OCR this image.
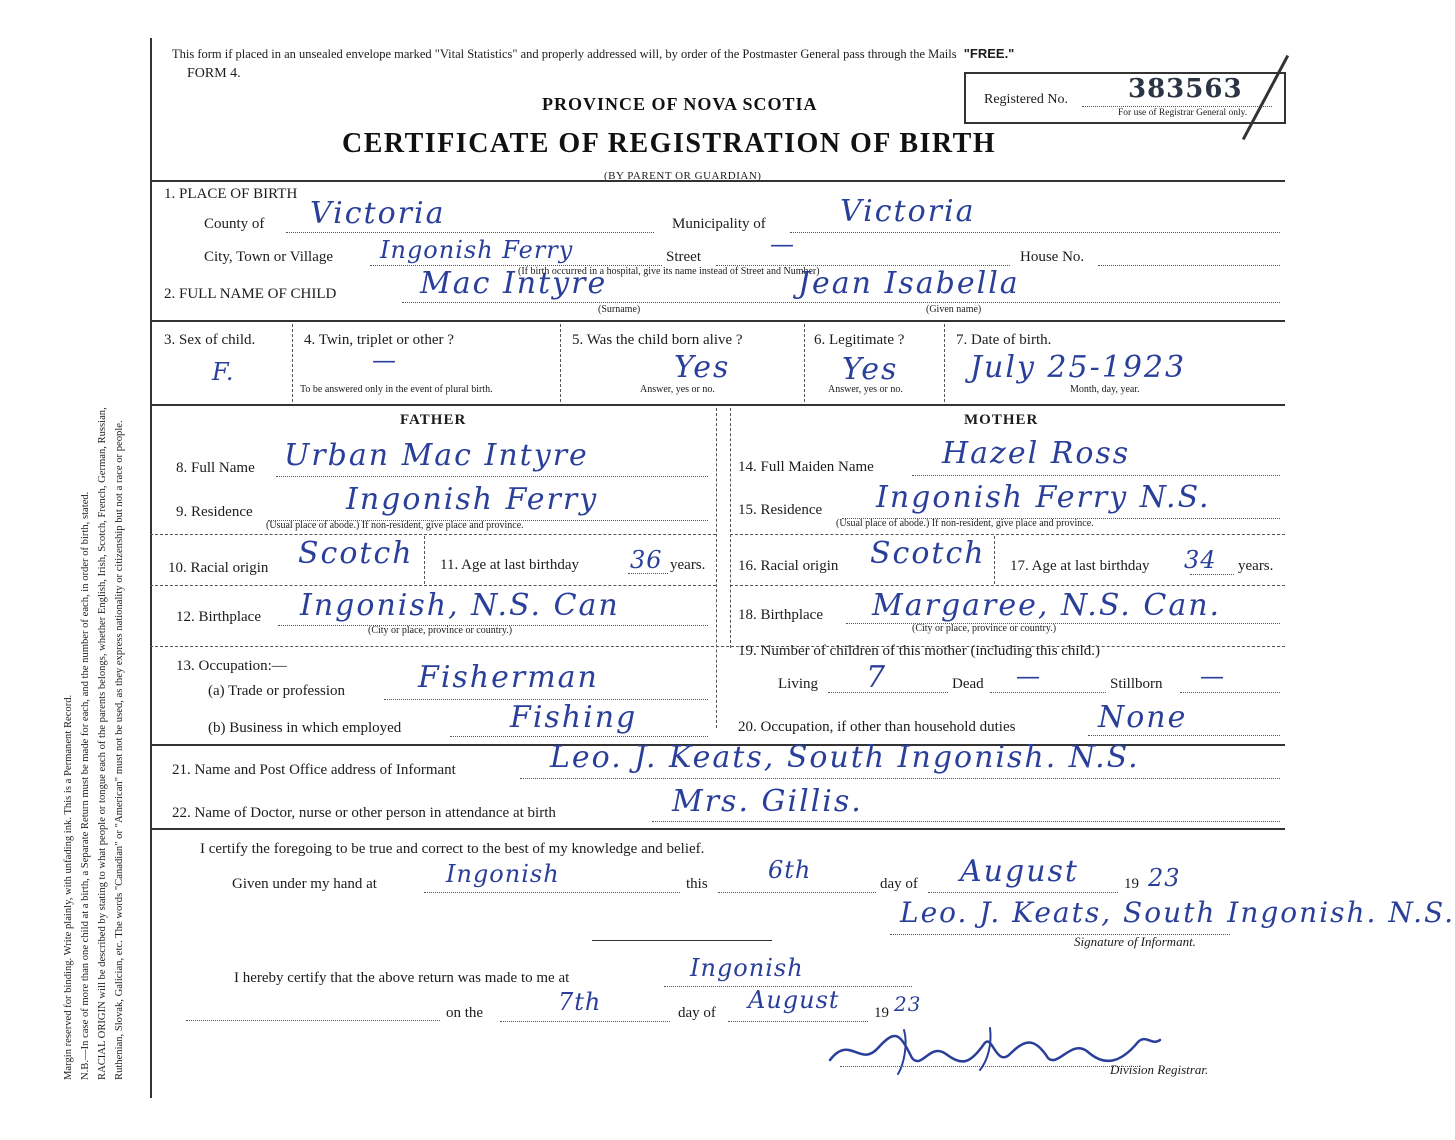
Margin reserved for binding. Write plainly, with unfading ink. This is a Permanent Record. N.B.—In case of more than one child at a birth, a Separate Return must be made for each, and the number of each, in order of birth, stated. RACIAL ORIGIN will be described by stating to what people or tongue each of the parents belongs, whether English, Irish, Scotch, French, German, Russian, Ruthenian, Slovak, Galician, etc. The words "Canadian" or "American" must not be used, as they express nationality or citizenship but not a race or people.
This form if placed in an unsealed envelope marked "Vital Statistics" and properly addressed will, by order of the Postmaster General pass through the Mails "FREE."
FORM 4.
Registered No. 383563
For use of Registrar General only.
PROVINCE OF NOVA SCOTIA
CERTIFICATE OF REGISTRATION OF BIRTH
(BY PARENT OR GUARDIAN)
1. PLACE OF BIRTH
County of Victoria	Municipality of Victoria
City, Town or Village Ingonish Ferry	Street	—	House No.
(If birth occurred in a hospital, give its name instead of Street and Number)
2. FULL NAME OF CHILD	Mac Intyre
(Surname)
Jean Isabella
(Given name)
3. Sex of child.
F.
4. Twin, triplet or other ?
—
To be answered only in the event of plural birth.
5. Was the child born alive ?
Yes
Answer, yes or no.
6. Legitimate ?
Yes
Answer, yes or no.
7. Date of birth.
July 25-1923
Month, day, year.
FATHER	MOTHER
8. Full Name Urban Mac Intyre
9. Residence	Ingonish Ferry
(Usual place of abode.) If non-resident, give place and province.
10. Racial origin Scotch 11. Age at last birthday 36 years.
12. Birthplace Ingonish, N.S. Can
(City or place, province or country.)
13. Occupation:—
(a) Trade or profession Fisherman
(b) Business in which employed	Fishing
14. Full Maiden Name Hazel Ross
15. Residence Ingonish Ferry N.S.
(Usual place of abode.) If non-resident, give place and province.
16. Racial origin Scotch 17. Age at last birthday 34 years.
18. Birthplace Margaree, N.S. Can.
(City or place, province or country.)
19. Number of children of this mother (including this child.)
Living 7	Dead —	Stillborn —
20. Occupation, if other than household duties	None
21. Name and Post Office address of Informant	Leo. J. Keats, South Ingonish. N.S.
22. Name of Doctor, nurse or other person in attendance at birth	Mrs. Gillis.
I certify the foregoing to be true and correct to the best of my knowledge and belief.
Given under my hand at	Ingonish	this	6th	day of August	19 23
Leo. J. Keats, South Ingonish. N.S.
Signature of Informant.
I hereby certify that the above return was made to me at	Ingonish
on the	7th	day of August 19 23
Division Registrar.
